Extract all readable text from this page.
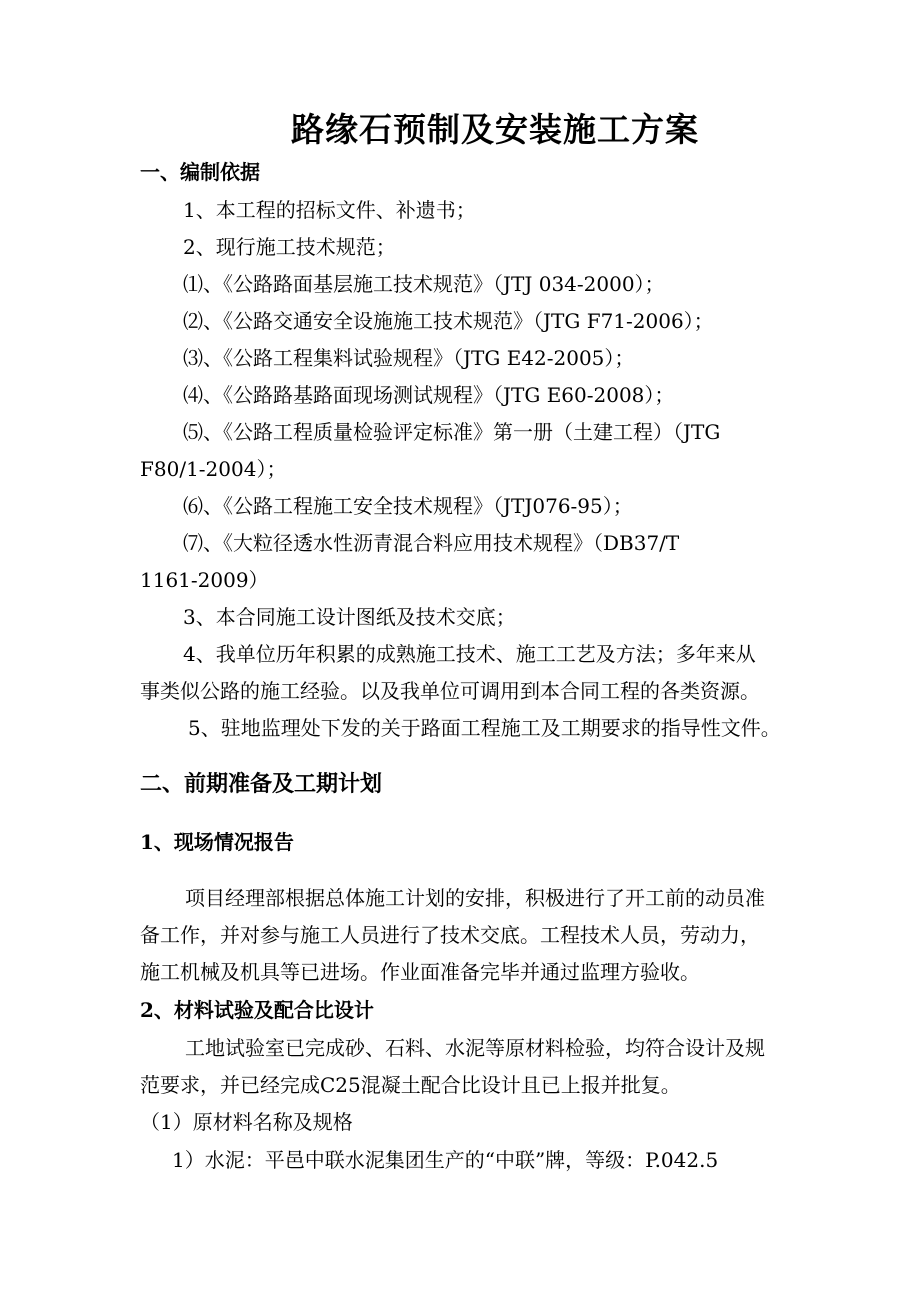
路缘石预制及安装施工方案
一、编制依据
1、本工程的招标文件、补遗书；
2、现行施工技术规范；
⑴、《公路路面基层施工技术规范》（JTJ 034-2000）；
⑵、《公路交通安全设施施工技术规范》（JTG F71-2006）；
⑶、《公路工程集料试验规程》（JTG E42-2005）；
⑷、《公路路基路面现场测试规程》（JTG E60-2008）；
⑸、《公路工程质量检验评定标准》第一册（土建工程）（JTG
F80/1-2004）；
⑹、《公路工程施工安全技术规程》（JTJ076-95）；
⑺、《大粒径透水性沥青混合料应用技术规程》（DB37/T
1161-2009）
3、本合同施工设计图纸及技术交底；
4、我单位历年积累的成熟施工技术、施工工艺及方法；多年来从
事类似公路的施工经验。以及我单位可调用到本合同工程的各类资源。
5、驻地监理处下发的关于路面工程施工及工期要求的指导性文件。
二、前期准备及工期计划
1、现场情况报告
项目经理部根据总体施工计划的安排，积极进行了开工前的动员准
备工作，并对参与施工人员进行了技术交底。工程技术人员，劳动力，
施工机械及机具等已进场。作业面准备完毕并通过监理方验收。
2、材料试验及配合比设计
工地试验室已完成砂、石料、水泥等原材料检验，均符合设计及规
范要求，并已经完成C25混凝土配合比设计且已上报并批复。
（1）原材料名称及规格
1）水泥：平邑中联水泥集团生产的“中联”牌，等级：P.042.5
